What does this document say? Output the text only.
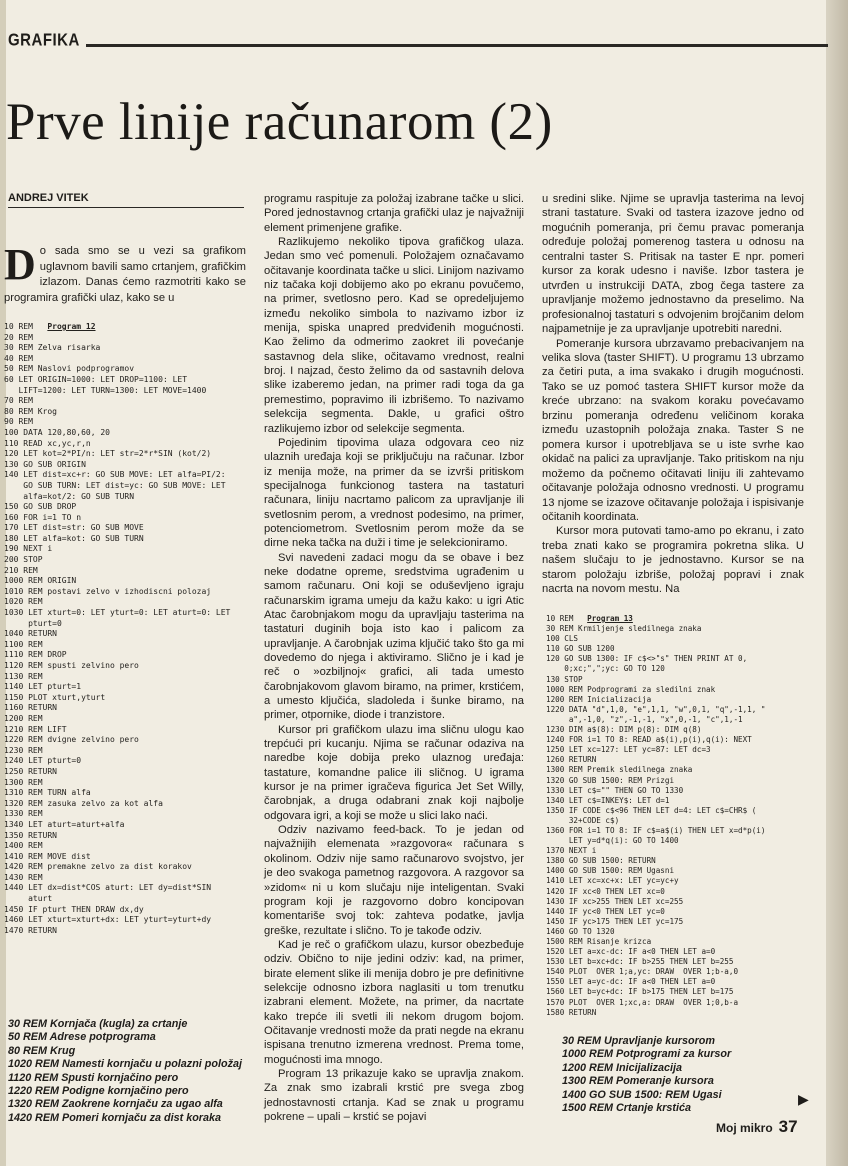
GRAFIKA
Prve linije računarom (2)
ANDREJ VITEK
Do sada smo se u vezi sa grafikom uglavnom bavili samo crtanjem, grafičkim izlazom. Danas ćemo razmotriti kako se programira grafički ulaz, kako se u
10 REM   Program 12
20 REM
30 REM Zelva risarka
40 REM
50 REM Naslovi podprogramov
60 LET ORIGIN=1000: LET DROP=1100: LET
LIFT=1200: LET TURN=1300: LET MOVE=1400
70 REM
80 REM Krog
90 REM
100 DATA 120,80,60, 20
110 READ xc,yc,r,n
120 LET kot=2*PI/n: LET str=2*r*SIN (kot/2)
130 GO SUB ORIGIN
140 LET dist=xc+r: GO SUB MOVE: LET alfa=PI/2:
GO SUB TURN: LET dist=yc: GO SUB MOVE: LET
alfa=kot/2: GO SUB TURN
150 GO SUB DROP
160 FOR i=1 TO n
170 LET dist=str: GO SUB MOVE
180 LET alfa=kot: GO SUB TURN
190 NEXT i
200 STOP
210 REM
1000 REM ORIGIN
1010 REM postavi zelvo v izhodiscni polozaj
1020 REM
1030 LET xturt=0: LET yturt=0: LET aturt=0: LET
pturt=0
1040 RETURN
1100 REM
1110 REM DROP
1120 REM spusti zelvino pero
1130 REM
1140 LET pturt=1
1150 PLOT xturt,yturt
1160 RETURN
1200 REM
1210 REM LIFT
1220 REM dvigne zelvino pero
1230 REM
1240 LET pturt=0
1250 RETURN
1300 REM
1310 REM TURN alfa
1320 REM zasuka zelvo za kot alfa
1330 REM
1340 LET aturt=aturt+alfa
1350 RETURN
1400 REM
1410 REM MOVE dist
1420 REM premakne zelvo za dist korakov
1430 REM
1440 LET dx=dist*COS aturt: LET dy=dist*SIN
aturt
1450 IF pturt THEN DRAW dx,dy
1460 LET xturt=xturt+dx: LET yturt=yturt+dy
1470 RETURN
30 REM Kornjača (kugla) za crtanje
50 REM Adrese potprograma
80 REM Krug
1020 REM Namesti kornjaču u polazni položaj
1120 REM Spusti kornjačino pero
1220 REM Podigne kornjačino pero
1320 REM Zaokrene kornjaču za ugao alfa
1420 REM Pomeri kornjaču za dist koraka

programu raspituje za položaj izabrane tačke u slici. Pored jednostavnog crtanja grafički ulaz je najvažniji element primenjene grafike.

Razlikujemo nekoliko tipova grafičkog ulaza. Jedan smo već pomenuli. Položajem označavamo očitavanje koordinata tačke u slici. Linijom nazivamo niz tačaka koji dobijemo ako po ekranu povučemo, na primer, svetlosno pero. Kad se opredeljujemo između nekoliko simbola to nazivamo izbor iz menija, spiska unapred predviđenih mogućnosti. Kao želimo da odmerimo zaokret ili povećanje sastavnog dela slike, očitavamo vrednost, realni broj. I najzad, često želimo da od sastavnih delova slike izaberemo jedan, na primer radi toga da ga premestimo, popravimo ili izbrišemo. To nazivamo selekcija segmenta. Dakle, u grafici oštro razlikujemo izbor od selekcije segmenta.

Pojedinim tipovima ulaza odgovara ceo niz ulaznih uređaja koji se priključuju na računar. Izbor iz menija može, na primer da se izvrši pritiskom specijalnoga funkcionog tastera na tastaturi računara, liniju nacrtamo palicom za upravljanje ili svetlosnim perom, a vrednost podesimo, na primer, potenciometrom. Svetlosnim perom može da se dirne neka tačka na duži i time je selekcioniramo.

Svi navedeni zadaci mogu da se obave i bez neke dodatne opreme, sredstvima ugrađenim u samom računaru. Oni koji se oduševljeno igraju računarskim igrama umeju da kažu kako: u igri Atic Atac čarobnjakom mogu da upravljaju tasterima na tastaturi duginih boja isto kao i palicom za upravljanje. A čarobnjak uzima ključić tako što ga mi dovedemo do njega i aktiviramo. Slično je i kad je reč o »ozbiljnoj« grafici, ali tada umesto čarobnjakovom glavom biramo, na primer, krstićem, a umesto ključića, sladoleda i šunke biramo, na primer, otpornike, diode i tranzistore.

Kursor pri grafičkom ulazu ima sličnu ulogu kao trepćući pri kucanju. Njima se računar odaziva na naredbe koje dobija preko ulaznog uređaja: tastature, komandne palice ili sličnog. U igrama kursor je na primer igračeva figurica Jet Set Willy, čarobnjak, a druga odabrani znak koji najbolje odgovara igri, a koji se može u slici lako naći.

Odziv nazivamo feed-back. To je jedan od najvažnijih elemenata »razgovora« računara s okolinom. Odziv nije samo računarovo svojstvo, jer je deo svakoga pametnog razgovora. A razgovor sa »zidom« ni u kom slučaju nije inteligentan. Svaki program koji je razgovorno dobro koncipovan komentariše svoj tok: zahteva podatke, javlja greške, rezultate i slično. To je takođe odziv.

Kad je reč o grafičkom ulazu, kursor obezbeđuje odziv. Obično to nije jedini odziv: kad, na primer, birate element slike ili menija dobro je pre definitivne selekcije odnosno izbora naglasiti u tom trenutku izabrani element. Možete, na primer, da nacrtate kako trepće ili svetli ili nekom drugom bojom. Očitavanje vrednosti može da prati negde na ekranu ispisana trenutno izmerena vrednost. Prema tome, mogućnosti ima mnogo.

Program 13 prikazuje kako se upravlja znakom. Za znak smo izabrali krstić pre svega zbog jednostavnosti crtanja. Kad se znak u programu pokrene – upali – krstić se pojavi

u sredini slike. Njime se upravlja tasterima na levoj strani tastature. Svaki od tastera izazove jedno od mogućnih pomeranja, pri čemu pravac pomeranja određuje položaj pomerenog tastera u odnosu na centralni taster S. Pritisak na taster E npr. pomeri kursor za korak udesno i naviše. Izbor tastera je utvrđen u instrukciji DATA, zbog čega tastere za upravljanje možemo jednostavno da preselimo. Na profesionalnoj tastaturi s odvojenim brojčanim delom najpametnije je za upravljanje upotrebiti naredni.

Pomeranje kursora ubrzavamo prebacivanjem na velika slova (taster SHIFT). U programu 13 ubrzamo za četiri puta, a ima svakako i drugih mogućnosti. Tako se uz pomoć tastera SHIFT kursor može da kreće ubrzano: na svakom koraku povećavamo brzinu pomeranja određenu veličinom koraka između uzastopnih položaja znaka. Taster S ne pomera kursor i upotrebljava se u iste svrhe kao okidač na palici za upravljanje. Tako pritiskom na nju možemo da počnemo očitavati liniju ili zahtevamo očitavanje položaja odnosno vrednosti. U programu 13 njome se izazove očitavanje položaja i ispisivanje očitanih koordinata.

Kursor mora putovati tamo-amo po ekranu, i zato treba znati kako se programira pokretna slika. U našem slučaju to je jednostavno. Kursor se na starom položaju izbriše, položaj popravi i znak nacrta na novom mestu. Na

10 REM   Program 13
30 REM Krmiljenje sledilnega znaka
100 CLS
110 GO SUB 1200
120 GO SUB 1300: IF c$<>"s" THEN PRINT AT 0,
0;xc;",";yc: GO TO 120
130 STOP
1000 REM Podprogrami za sledilni znak
1200 REM Inicializacija
1220 DATA "d",1,0, "e",1,1, "w",0,1, "q",-1,1, "
a",-1,0, "z",-1,-1, "x",0,-1, "c",1,-1
1230 DIM a$(8): DIM p(8): DIM q(8)
1240 FOR i=1 TO 8: READ a$(i),p(i),q(i): NEXT
1250 LET xc=127: LET yc=87: LET dc=3
1260 RETURN
1300 REM Premik sledilnega znaka
1320 GO SUB 1500: REM Prizgi
1330 LET c$="" THEN GO TO 1330
1340 LET c$=INKEY$: LET d=1
1350 IF CODE c$<96 THEN LET d=4: LET c$=CHR$ (
32+CODE c$)
1360 FOR i=1 TO 8: IF c$=a$(i) THEN LET x=d*p(i)
LET y=d*q(i): GO TO 1400
1370 NEXT i
1380 GO SUB 1500: RETURN
1400 GO SUB 1500: REM Ugasni
1410 LET xc=xc+x: LET yc=yc+y
1420 IF xc<0 THEN LET xc=0
1430 IF xc>255 THEN LET xc=255
1440 IF yc<0 THEN LET yc=0
1450 IF yc>175 THEN LET yc=175
1460 GO TO 1320
1500 REM Risanje krizca
1520 LET a=xc-dc: IF a<0 THEN LET a=0
1530 LET b=xc+dc: IF b>255 THEN LET b=255
1540 PLOT  OVER 1;a,yc: DRAW  OVER 1;b-a,0
1550 LET a=yc-dc: IF a<0 THEN LET a=0
1560 LET b=yc+dc: IF b>175 THEN LET b=175
1570 PLOT  OVER 1;xc,a: DRAW  OVER 1;0,b-a
1580 RETURN
30 REM Upravljanje kursorom
1000 REM Potprogrami za kursor
1200 REM Inicijalizacija
1300 REM Pomeranje kursora
1400 GO SUB 1500: REM Ugasi
1500 REM Crtanje krstića
▶
Moj mikro 37
